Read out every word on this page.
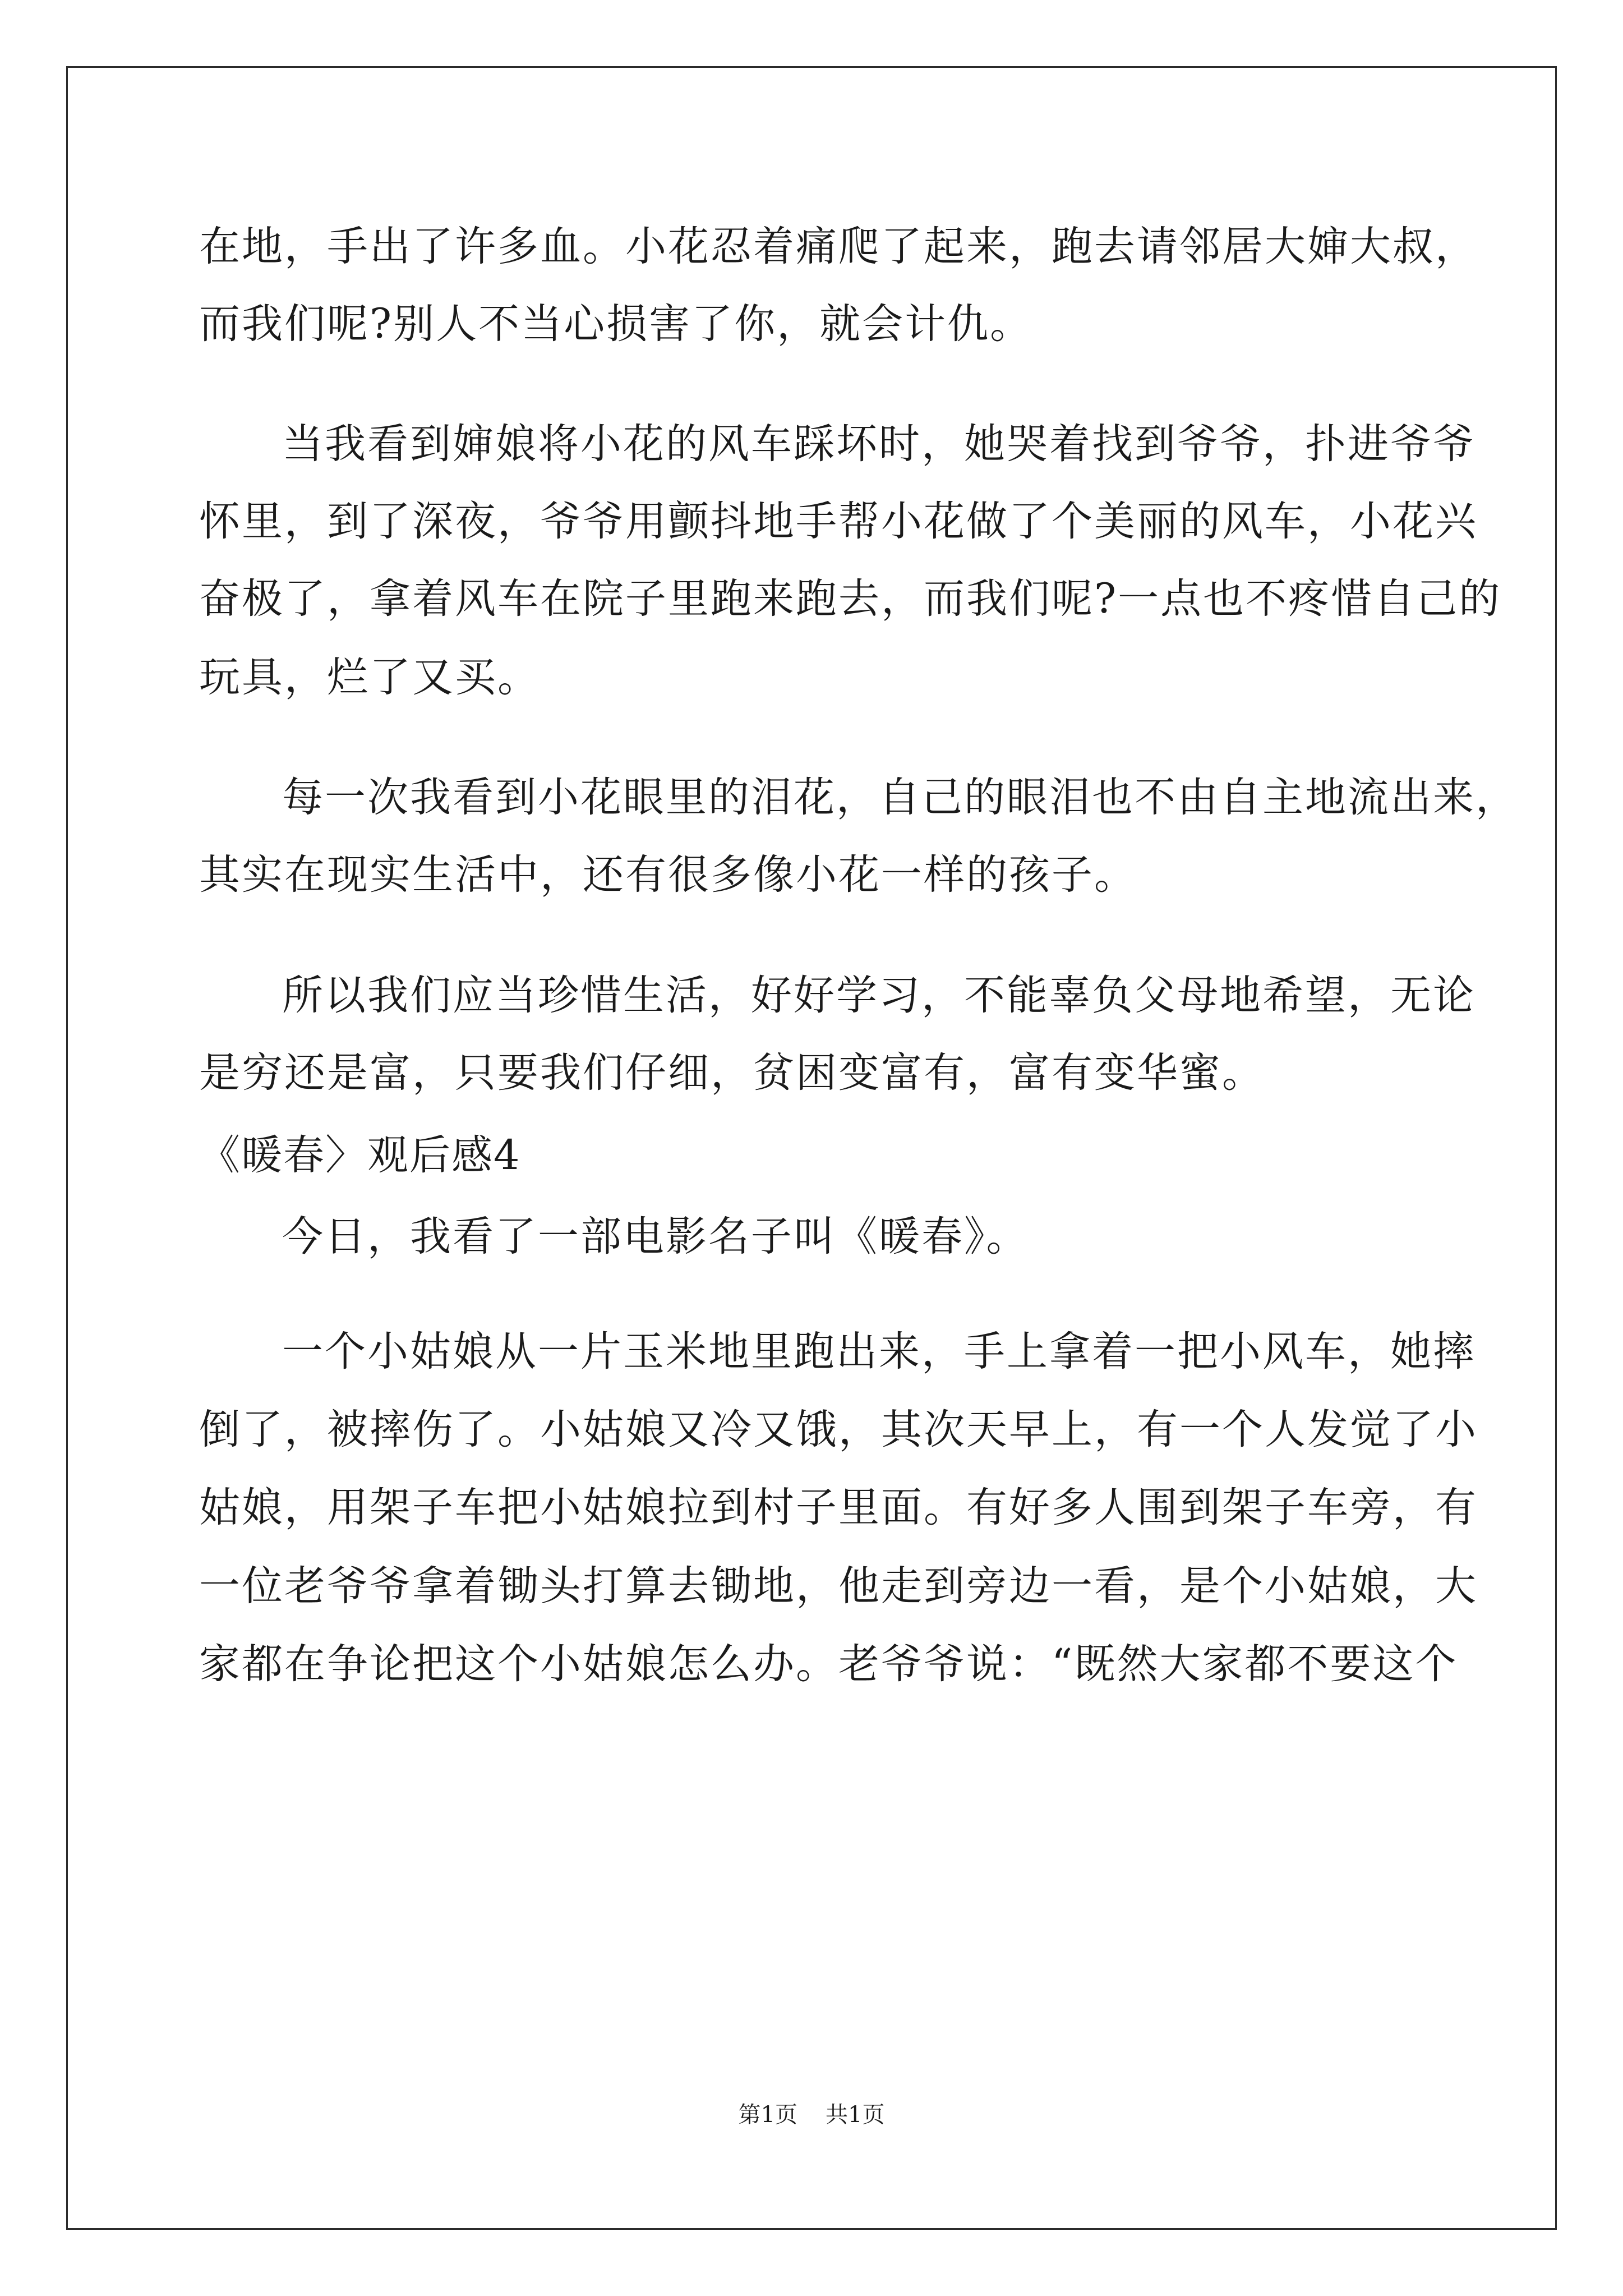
在地，手出了许多血。小花忍着痛爬了起来，跑去请邻居大婶大叔，
而我们呢?别人不当心损害了你，就会计仇。
当我看到婶娘将小花的风车踩坏时，她哭着找到爷爷，扑进爷爷
怀里，到了深夜，爷爷用颤抖地手帮小花做了个美丽的风车，小花兴
奋极了，拿着风车在院子里跑来跑去，而我们呢?一点也不疼惜自己的
玩具，烂了又买。
每一次我看到小花眼里的泪花，自己的眼泪也不由自主地流出来，
其实在现实生活中，还有很多像小花一样的孩子。
所以我们应当珍惜生活，好好学习，不能辜负父母地希望，无论
是穷还是富，只要我们仔细，贫困变富有，富有变华蜜。
《暖春〉观后感4
今日，我看了一部电影名子叫《暖春》。
一个小姑娘从一片玉米地里跑出来，手上拿着一把小风车，她摔
倒了，被摔伤了。小姑娘又冷又饿，其次天早上，有一个人发觉了小
姑娘，用架子车把小姑娘拉到村子里面。有好多人围到架子车旁，有
一位老爷爷拿着锄头打算去锄地，他走到旁边一看，是个小姑娘，大
家都在争论把这个小姑娘怎么办。老爷爷说：“既然大家都不要这个
第1页 共1页
